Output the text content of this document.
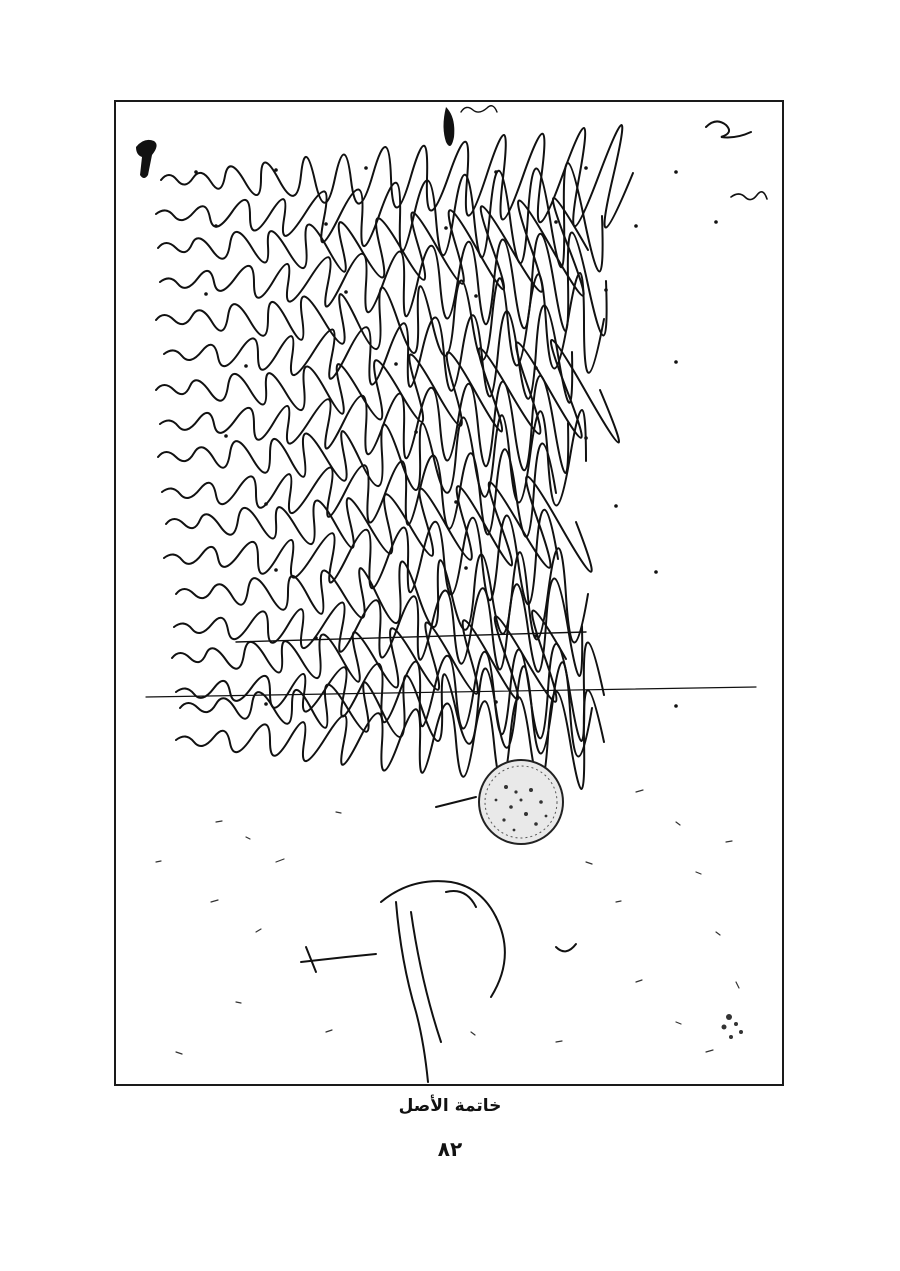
خاتمة الأصل
٨٢
